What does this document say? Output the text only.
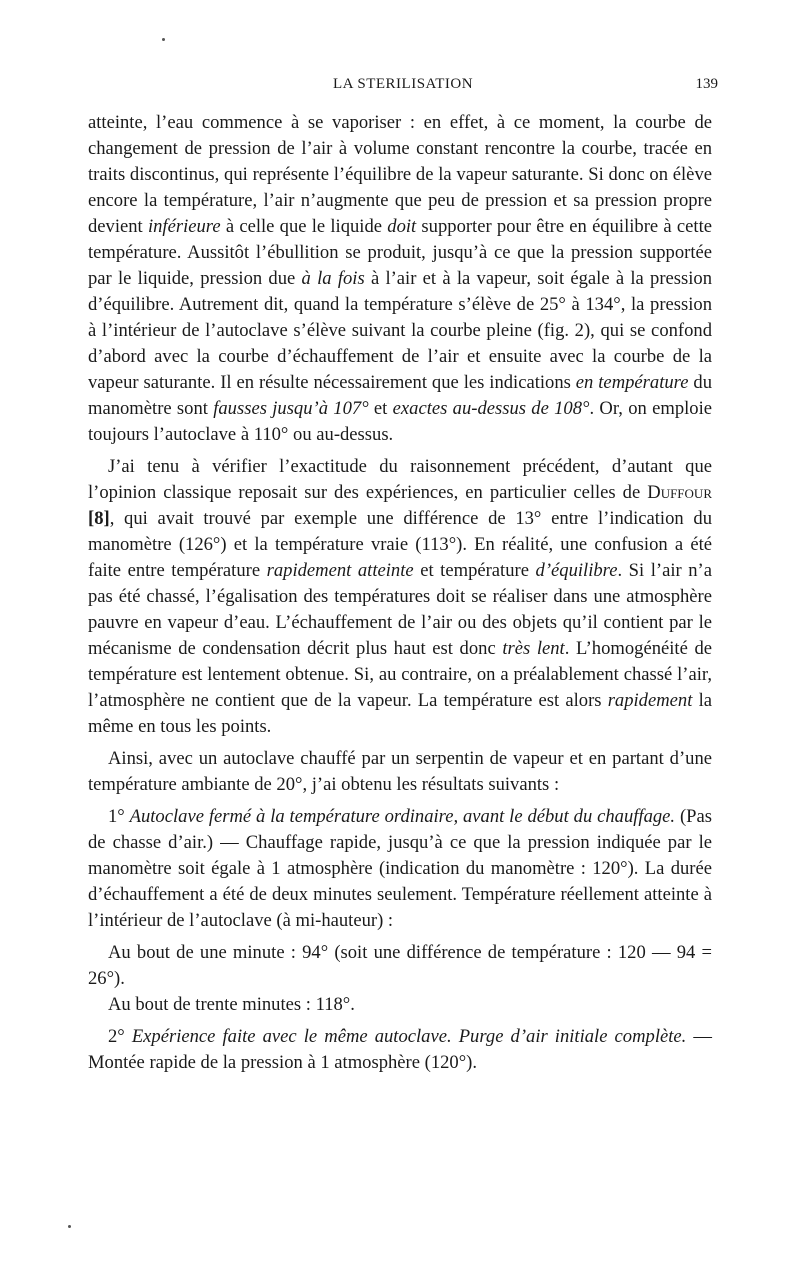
LA STERILISATION	139

atteinte, l’eau commence à se vaporiser : en effet, à ce moment, la courbe de changement de pression de l’air à volume constant rencontre la courbe, tracée en traits discontinus, qui représente l’équilibre de la vapeur saturante. Si donc on élève encore la température, l’air n’augmente que peu de pression et sa pression propre devient inférieure à celle que le liquide doit supporter pour être en équilibre à cette température. Aussitôt l’ébullition se produit, jusqu’à ce que la pression supportée par le liquide, pression due à la fois à l’air et à la vapeur, soit égale à la pression d’équilibre. Autrement dit, quand la température s’élève de 25° à 134°, la pression à l’intérieur de l’autoclave s’élève suivant la courbe pleine (fig. 2), qui se confond d’abord avec la courbe d’échauffement de l’air et ensuite avec la courbe de la vapeur saturante. Il en résulte nécessairement que les indications en température du manomètre sont fausses jusqu’à 107° et exactes au-dessus de 108°. Or, on emploie toujours l’autoclave à 110° ou au-dessus.

J’ai tenu à vérifier l’exactitude du raisonnement précédent, d’autant que l’opinion classique reposait sur des expériences, en particulier celles de Duffour [8], qui avait trouvé par exemple une différence de 13° entre l’indication du manomètre (126°) et la température vraie (113°). En réalité, une confusion a été faite entre température rapidement atteinte et température d’équilibre. Si l’air n’a pas été chassé, l’égalisation des températures doit se réaliser dans une atmosphère pauvre en vapeur d’eau. L’échauffement de l’air ou des objets qu’il contient par le mécanisme de condensation décrit plus haut est donc très lent. L’homogénéité de température est lentement obtenue. Si, au contraire, on a préalablement chassé l’air, l’atmosphère ne contient que de la vapeur. La température est alors rapidement la même en tous les points.

Ainsi, avec un autoclave chauffé par un serpentin de vapeur et en partant d’une température ambiante de 20°, j’ai obtenu les résultats suivants :

1° Autoclave fermé à la température ordinaire, avant le début du chauffage. (Pas de chasse d’air.) — Chauffage rapide, jusqu’à ce que la pression indiquée par le manomètre soit égale à 1 atmosphère (indication du manomètre : 120°). La durée d’échauffement a été de deux minutes seulement. Température réellement atteinte à l’intérieur de l’autoclave (à mi-hauteur) :

Au bout de une minute : 94° (soit une différence de température : 120 — 94 = 26°).

Au bout de trente minutes : 118°.

2° Expérience faite avec le même autoclave. Purge d’air initiale complète. — Montée rapide de la pression à 1 atmosphère (120°).
